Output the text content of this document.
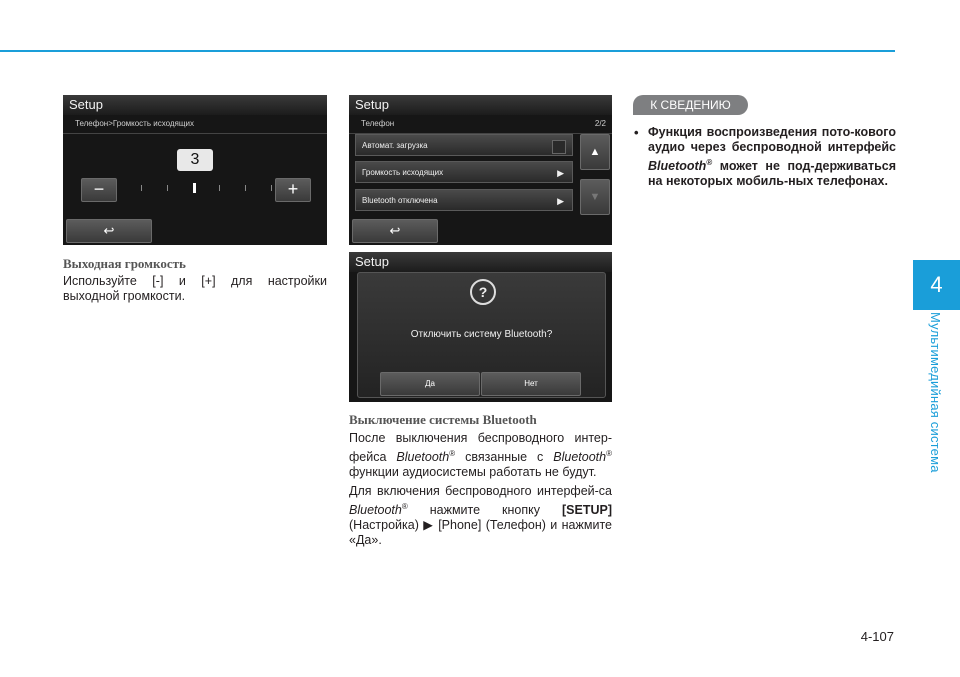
Setup
Телефон>Громкость исходящих
3
−	+
↩
Выходная громкость
Используйте [-] и [+] для настройки выходной громкости.
Setup
Телефон	2/2
Автомат. загрузка
Громкость исходящих	▶
Bluetooth отключена	▶
▲
▼
↩
Setup
?
Отключить систему Bluetooth?
Да	Нет
Выключение системы Bluetooth
После выключения беспроводного интер-фейса Bluetooth® связанные с Bluetooth® функции аудиосистемы работать не будут.
Для включения беспроводного интерфей-са Bluetooth® нажмите кнопку [SETUP] (Настройка) ▶ [Phone] (Телефон) и нажмите «Да».
К СВЕДЕНИЮ
• Функция воспроизведения пото-кового аудио через беспроводной интерфейс Bluetooth® может не под-держиваться на некоторых мобиль-ных телефонах.
4
Мультимедийная система
4-107
